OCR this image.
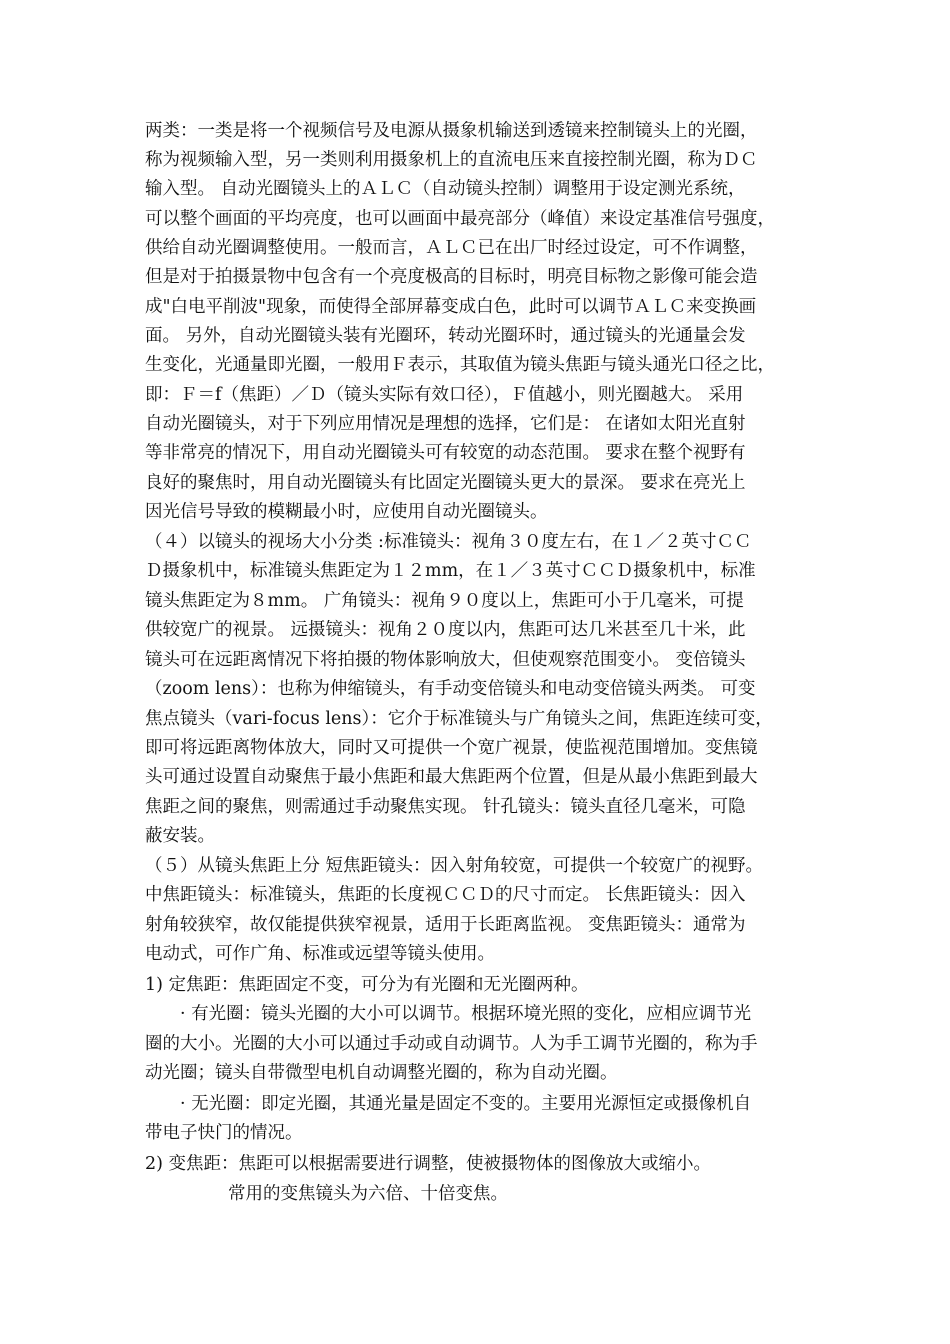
两类：一类是将一个视频信号及电源从摄象机输送到透镜来控制镜头上的光圈，
称为视频输入型，另一类则利用摄象机上的直流电压来直接控制光圈，称为ＤＣ
输入型。 自动光圈镜头上的ＡＬＣ（自动镜头控制）调整用于设定测光系统，
可以整个画面的平均亮度，也可以画面中最亮部分（峰值）来设定基准信号强度，
供给自动光圈调整使用。一般而言，ＡＬＣ已在出厂时经过设定，可不作调整，
但是对于拍摄景物中包含有一个亮度极高的目标时，明亮目标物之影像可能会造
成"白电平削波"现象，而使得全部屏幕变成白色，此时可以调节ＡＬＣ来变换画
面。 另外，自动光圈镜头装有光圈环，转动光圈环时，通过镜头的光通量会发
生变化，光通量即光圈，一般用Ｆ表示，其取值为镜头焦距与镜头通光口径之比，
即：Ｆ＝f（焦距）／Ｄ（镜头实际有效口径），Ｆ值越小，则光圈越大。 采用
自动光圈镜头，对于下列应用情况是理想的选择，它们是： 在诸如太阳光直射
等非常亮的情况下，用自动光圈镜头可有较宽的动态范围。 要求在整个视野有
良好的聚焦时，用自动光圈镜头有比固定光圈镜头更大的景深。 要求在亮光上
因光信号导致的模糊最小时，应使用自动光圈镜头。
（４）以镜头的视场大小分类 :标准镜头：视角３０度左右，在１／２英寸ＣＣ
Ｄ摄象机中，标准镜头焦距定为１２mm，在１／３英寸ＣＣＤ摄象机中，标准
镜头焦距定为８mm。 广角镜头：视角９０度以上，焦距可小于几毫米，可提
供较宽广的视景。 远摄镜头：视角２０度以内，焦距可达几米甚至几十米，此
镜头可在远距离情况下将拍摄的物体影响放大，但使观察范围变小。 变倍镜头
（zoom lens）：也称为伸缩镜头，有手动变倍镜头和电动变倍镜头两类。 可变
焦点镜头（vari-focus lens）：它介于标准镜头与广角镜头之间，焦距连续可变，
即可将远距离物体放大，同时又可提供一个宽广视景，使监视范围增加。变焦镜
头可通过设置自动聚焦于最小焦距和最大焦距两个位置，但是从最小焦距到最大
焦距之间的聚焦，则需通过手动聚焦实现。 针孔镜头：镜头直径几毫米，可隐
蔽安装。
（５）从镜头焦距上分 短焦距镜头：因入射角较宽，可提供一个较宽广的视野。
中焦距镜头：标准镜头，焦距的长度视ＣＣＤ的尺寸而定。 长焦距镜头：因入
射角较狭窄，故仅能提供狭窄视景，适用于长距离监视。 变焦距镜头：通常为
电动式，可作广角、标准或远望等镜头使用。
1) 定焦距：焦距固定不变，可分为有光圈和无光圈两种。
· 有光圈：镜头光圈的大小可以调节。根据环境光照的变化，应相应调节光
圈的大小。光圈的大小可以通过手动或自动调节。人为手工调节光圈的，称为手
动光圈；镜头自带微型电机自动调整光圈的，称为自动光圈。
· 无光圈：即定光圈，其通光量是固定不变的。主要用光源恒定或摄像机自
带电子快门的情况。
2) 变焦距：焦距可以根据需要进行调整，使被摄物体的图像放大或缩小。
常用的变焦镜头为六倍、十倍变焦。
